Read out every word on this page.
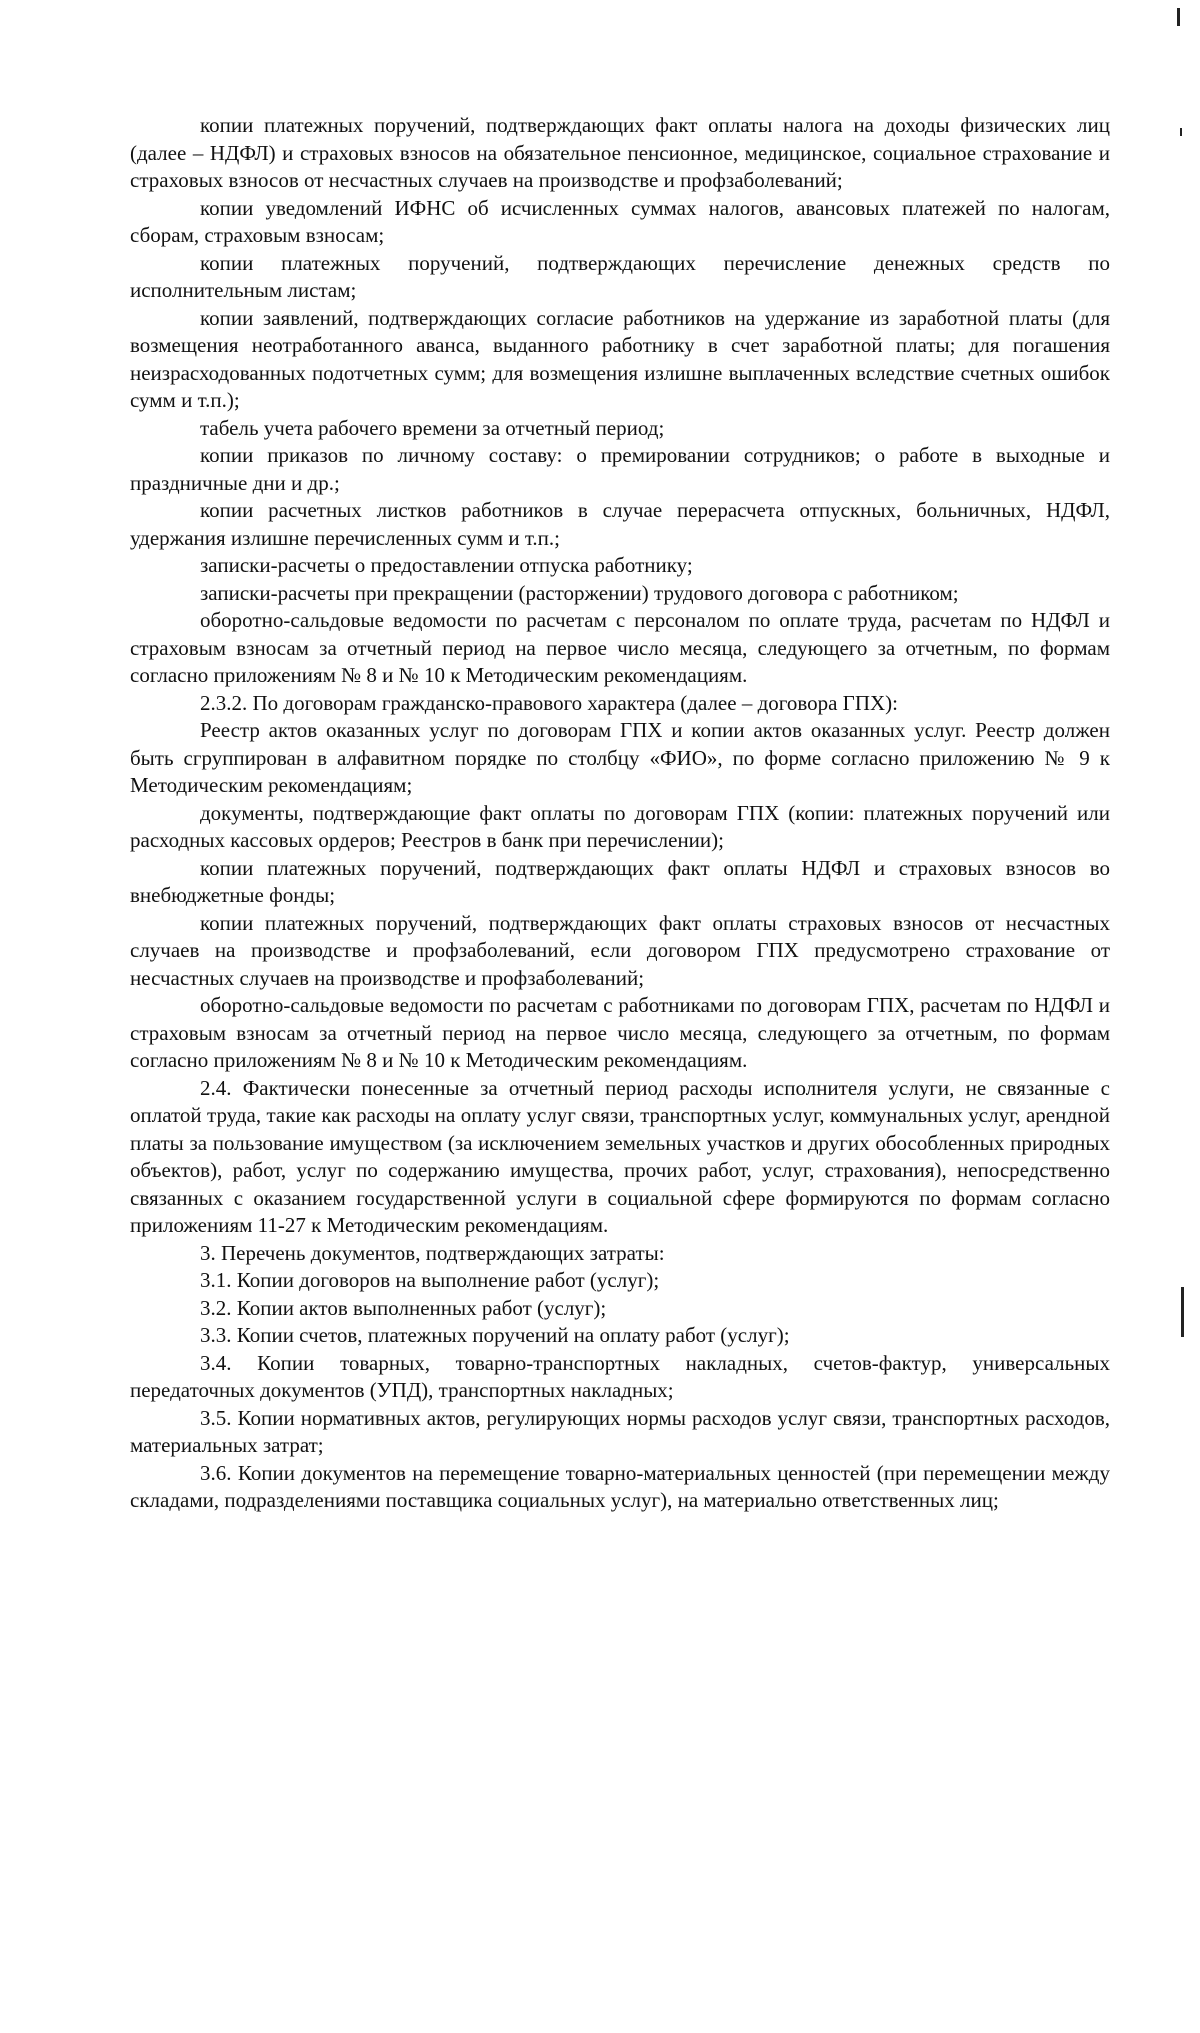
копии платежных поручений, подтверждающих факт оплаты налога на доходы физических лиц (далее – НДФЛ) и страховых взносов на обязательное пенсионное, медицинское, социальное страхование и страховых взносов от несчастных случаев на производстве и профзаболеваний;

копии уведомлений ИФНС об исчисленных суммах налогов, авансовых платежей по налогам, сборам, страховым взносам;

копии платежных поручений, подтверждающих перечисление денежных средств по исполнительным листам;

копии заявлений, подтверждающих согласие работников на удержание из заработной платы (для возмещения неотработанного аванса, выданного работнику в счет заработной платы; для погашения неизрасходованных подотчетных сумм; для возмещения излишне выплаченных вследствие счетных ошибок сумм и т.п.);

табель учета рабочего времени за отчетный период;

копии приказов по личному составу: о премировании сотрудников; о работе в выходные и праздничные дни и др.;

копии расчетных листков работников в случае перерасчета отпускных, больничных, НДФЛ, удержания излишне перечисленных сумм и т.п.;

записки-расчеты о предоставлении отпуска работнику;

записки-расчеты при прекращении (расторжении) трудового договора с работником;

оборотно-сальдовые ведомости по расчетам с персоналом по оплате труда, расчетам по НДФЛ и страховым взносам за отчетный период на первое число месяца, следующего за отчетным, по формам согласно приложениям № 8 и № 10 к Методическим рекомендациям.

2.3.2. По договорам гражданско-правового характера (далее – договора ГПХ):

Реестр актов оказанных услуг по договорам ГПХ и копии актов оказанных услуг. Реестр должен быть сгруппирован в алфавитном порядке по столбцу «ФИО», по форме согласно приложению № 9 к Методическим рекомендациям;

документы, подтверждающие факт оплаты по договорам ГПХ (копии: платежных поручений или расходных кассовых ордеров; Реестров в банк при перечислении);

копии платежных поручений, подтверждающих факт оплаты НДФЛ и страховых взносов во внебюджетные фонды;

копии платежных поручений, подтверждающих факт оплаты страховых взносов от несчастных случаев на производстве и профзаболеваний, если договором ГПХ предусмотрено страхование от несчастных случаев на производстве и профзаболеваний;

оборотно-сальдовые ведомости по расчетам с работниками по договорам ГПХ, расчетам по НДФЛ и страховым взносам за отчетный период на первое число месяца, следующего за отчетным, по формам согласно приложениям № 8 и № 10 к Методическим рекомендациям.

2.4. Фактически понесенные за отчетный период расходы исполнителя услуги, не связанные с оплатой труда, такие как расходы на оплату услуг связи, транспортных услуг, коммунальных услуг, арендной платы за пользование имуществом (за исключением земельных участков и других обособленных природных объектов), работ, услуг по содержанию имущества, прочих работ, услуг, страхования), непосредственно связанных с оказанием государственной услуги в социальной сфере формируются по формам согласно приложениям 11-27 к Методическим рекомендациям.

3. Перечень документов, подтверждающих затраты:

3.1. Копии договоров на выполнение работ (услуг);

3.2. Копии актов выполненных работ (услуг);

3.3. Копии счетов, платежных поручений на оплату работ (услуг);

3.4. Копии товарных, товарно-транспортных накладных, счетов-фактур, универсальных передаточных документов (УПД), транспортных накладных;

3.5. Копии нормативных актов, регулирующих нормы расходов услуг связи, транспортных расходов, материальных затрат;

3.6. Копии документов на перемещение товарно-материальных ценностей (при перемещении между складами, подразделениями поставщика социальных услуг), на материально ответственных лиц;
